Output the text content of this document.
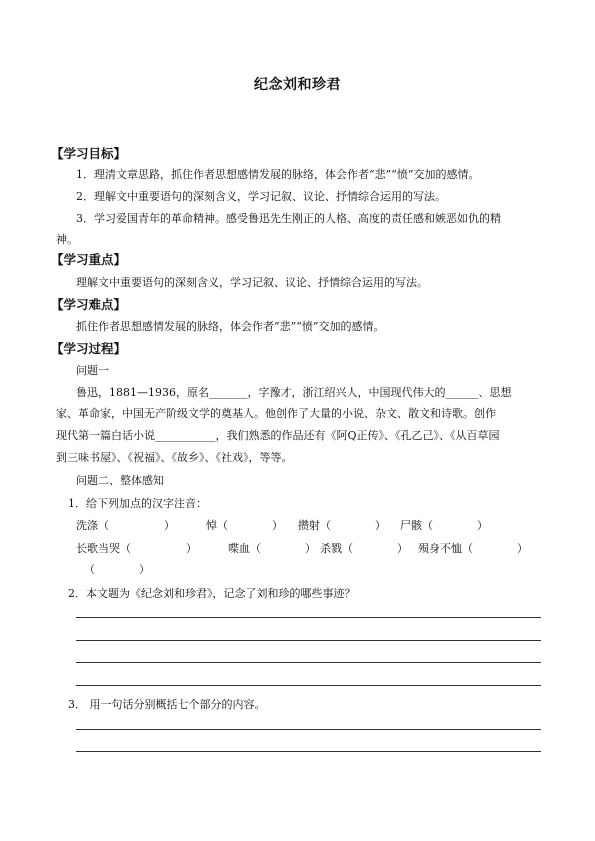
纪念刘和珍君
【学习目标】
1．理清文章思路，抓住作者思想感情发展的脉络，体会作者“悲”“愤”交加的感情。
2．理解文中重要语句的深刻含义，学习记叙、议论、抒情综合运用的写法。
3．学习爱国青年的革命精神。感受鲁迅先生刚正的人格、高度的责任感和嫉恶如仇的精
神。
【学习重点】
理解文中重要语句的深刻含义，学习记叙、议论、抒情综合运用的写法。
【学习难点】
抓住作者思想感情发展的脉络，体会作者“悲”“愤”交加的感情。
【学习过程】
问题一
鲁迅，1881—1936，原名_______，字豫才，浙江绍兴人，中国现代伟大的______、思想
家、革命家，中国无产阶级文学的奠基人。他创作了大量的小说、杂文、散文和诗歌。创作
现代第一篇白话小说___________，我们熟悉的作品还有《阿Q正传》、《孔乙己》、《从百草园
到三味书屋》、《祝福》、《故乡》、《社戏》，等等。
问题二、整体感知
1．给下列加点的汉字注音：
洗涤（　　　　　）	悼（　　　　） 攒射（　　　　） 尸骸（　　　　）
长歌当哭（　　　　　）	喋血（　　　　） 杀戮（　　　　） 殒身不恤（　　　　）
（　　　　）
2．本文题为《纪念刘和珍君》，记念了刘和珍的哪些事迹？
3． 用一句话分别概括七个部分的内容。
